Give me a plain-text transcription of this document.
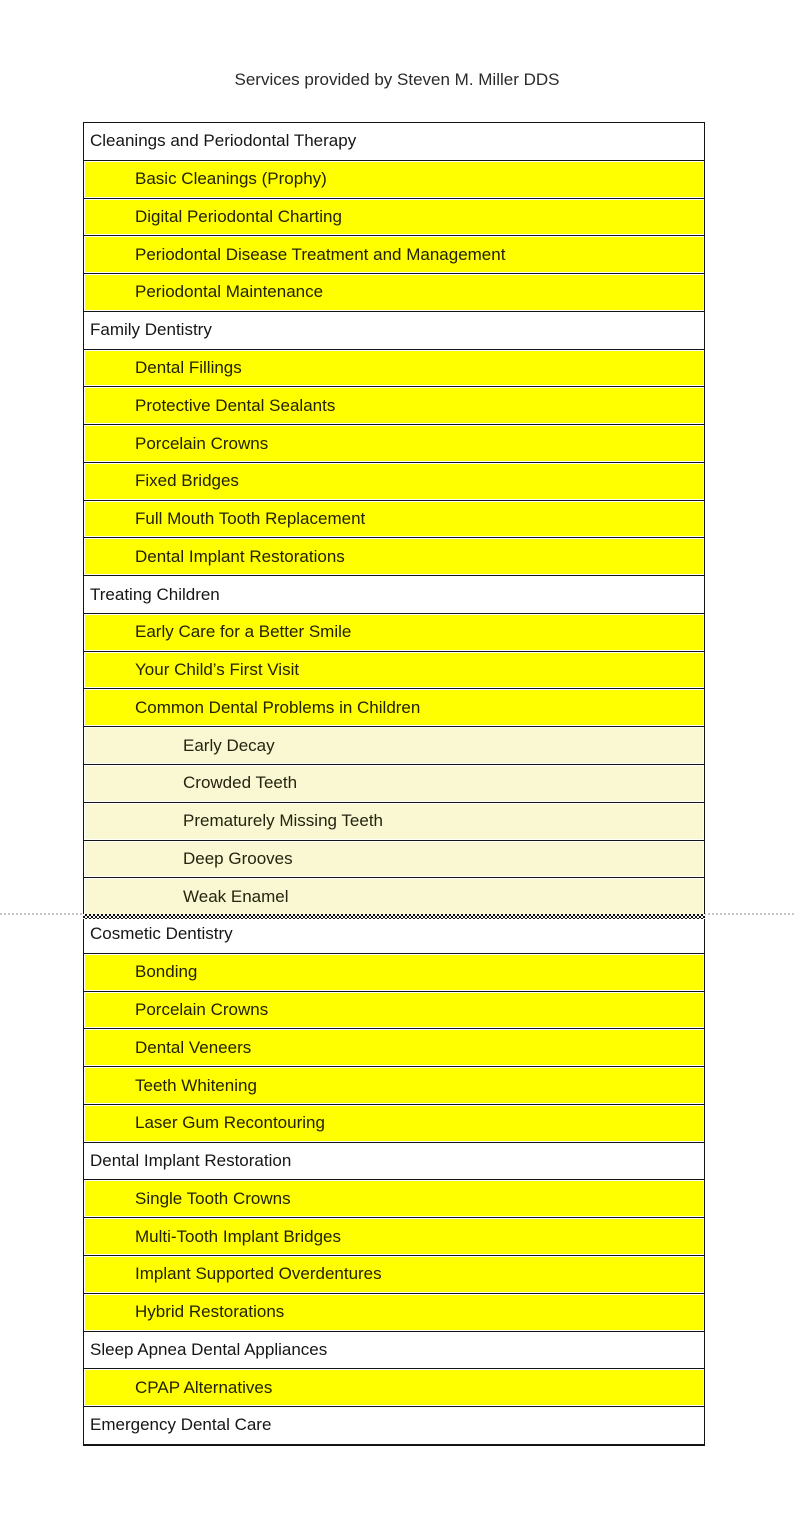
Services provided by Steven M. Miller DDS
Cleanings and Periodontal Therapy
Basic Cleanings (Prophy)
Digital Periodontal Charting
Periodontal Disease Treatment and Management
Periodontal Maintenance
Family Dentistry
Dental Fillings
Protective Dental Sealants
Porcelain Crowns
Fixed Bridges
Full Mouth Tooth Replacement
Dental Implant Restorations
Treating Children
Early Care for a Better Smile
Your Child’s First Visit
Common Dental Problems in Children
Early Decay
Crowded Teeth
Prematurely Missing Teeth
Deep Grooves
Weak Enamel
Cosmetic Dentistry
Bonding
Porcelain Crowns
Dental Veneers
Teeth Whitening
Laser Gum Recontouring
Dental Implant Restoration
Single Tooth Crowns
Multi-Tooth Implant Bridges
Implant Supported Overdentures
Hybrid Restorations
Sleep Apnea Dental Appliances
CPAP Alternatives
Emergency Dental Care
